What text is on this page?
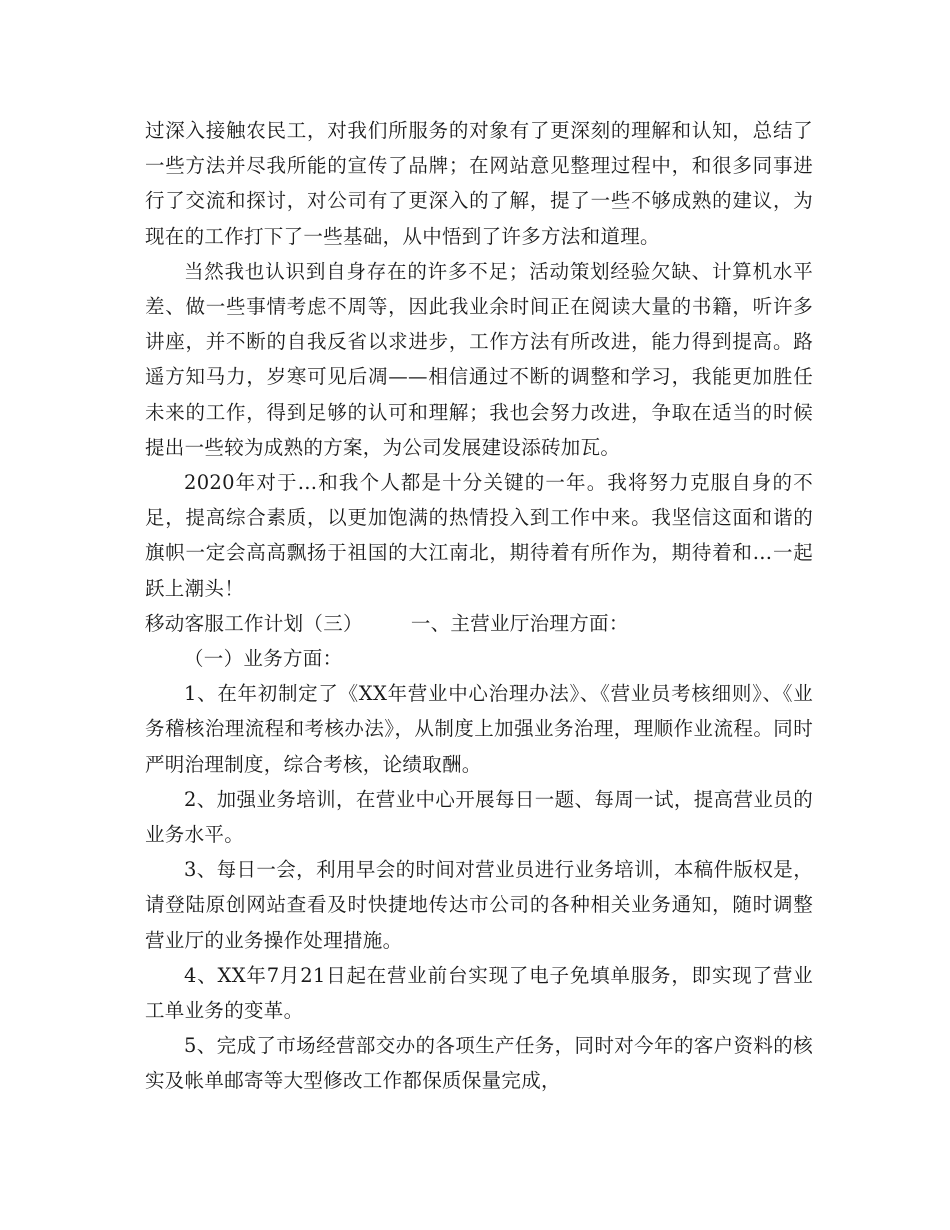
过深入接触农民工，对我们所服务的对象有了更深刻的理解和认知，总结了一些方法并尽我所能的宣传了品牌；在网站意见整理过程中，和很多同事进行了交流和探讨，对公司有了更深入的了解，提了一些不够成熟的建议，为现在的工作打下了一些基础，从中悟到了许多方法和道理。

当然我也认识到自身存在的许多不足；活动策划经验欠缺、计算机水平差、做一些事情考虑不周等，因此我业余时间正在阅读大量的书籍，听许多讲座，并不断的自我反省以求进步，工作方法有所改进，能力得到提高。路遥方知马力，岁寒可见后凋——相信通过不断的调整和学习，我能更加胜任未来的工作，得到足够的认可和理解；我也会努力改进，争取在适当的时候提出一些较为成熟的方案，为公司发展建设添砖加瓦。

2020年对于…和我个人都是十分关键的一年。我将努力克服自身的不足，提高综合素质，以更加饱满的热情投入到工作中来。我坚信这面和谐的旗帜一定会高高飘扬于祖国的大江南北，期待着有所作为，期待着和…一起跃上潮头！

移动客服工作计划（三） 一、主营业厅治理方面：

（一）业务方面：

1、在年初制定了《XX年营业中心治理办法》、《营业员考核细则》、《业务稽核治理流程和考核办法》，从制度上加强业务治理，理顺作业流程。同时严明治理制度，综合考核，论绩取酬。

2、加强业务培训，在营业中心开展每日一题、每周一试，提高营业员的业务水平。

3、每日一会，利用早会的时间对营业员进行业务培训，本稿件版权是，请登陆原创网站查看及时快捷地传达市公司的各种相关业务通知，随时调整营业厅的业务操作处理措施。

4、XX年7月21日起在营业前台实现了电子免填单服务，即实现了营业工单业务的变革。

5、完成了市场经营部交办的各项生产任务，同时对今年的客户资料的核实及帐单邮寄等大型修改工作都保质保量完成，
